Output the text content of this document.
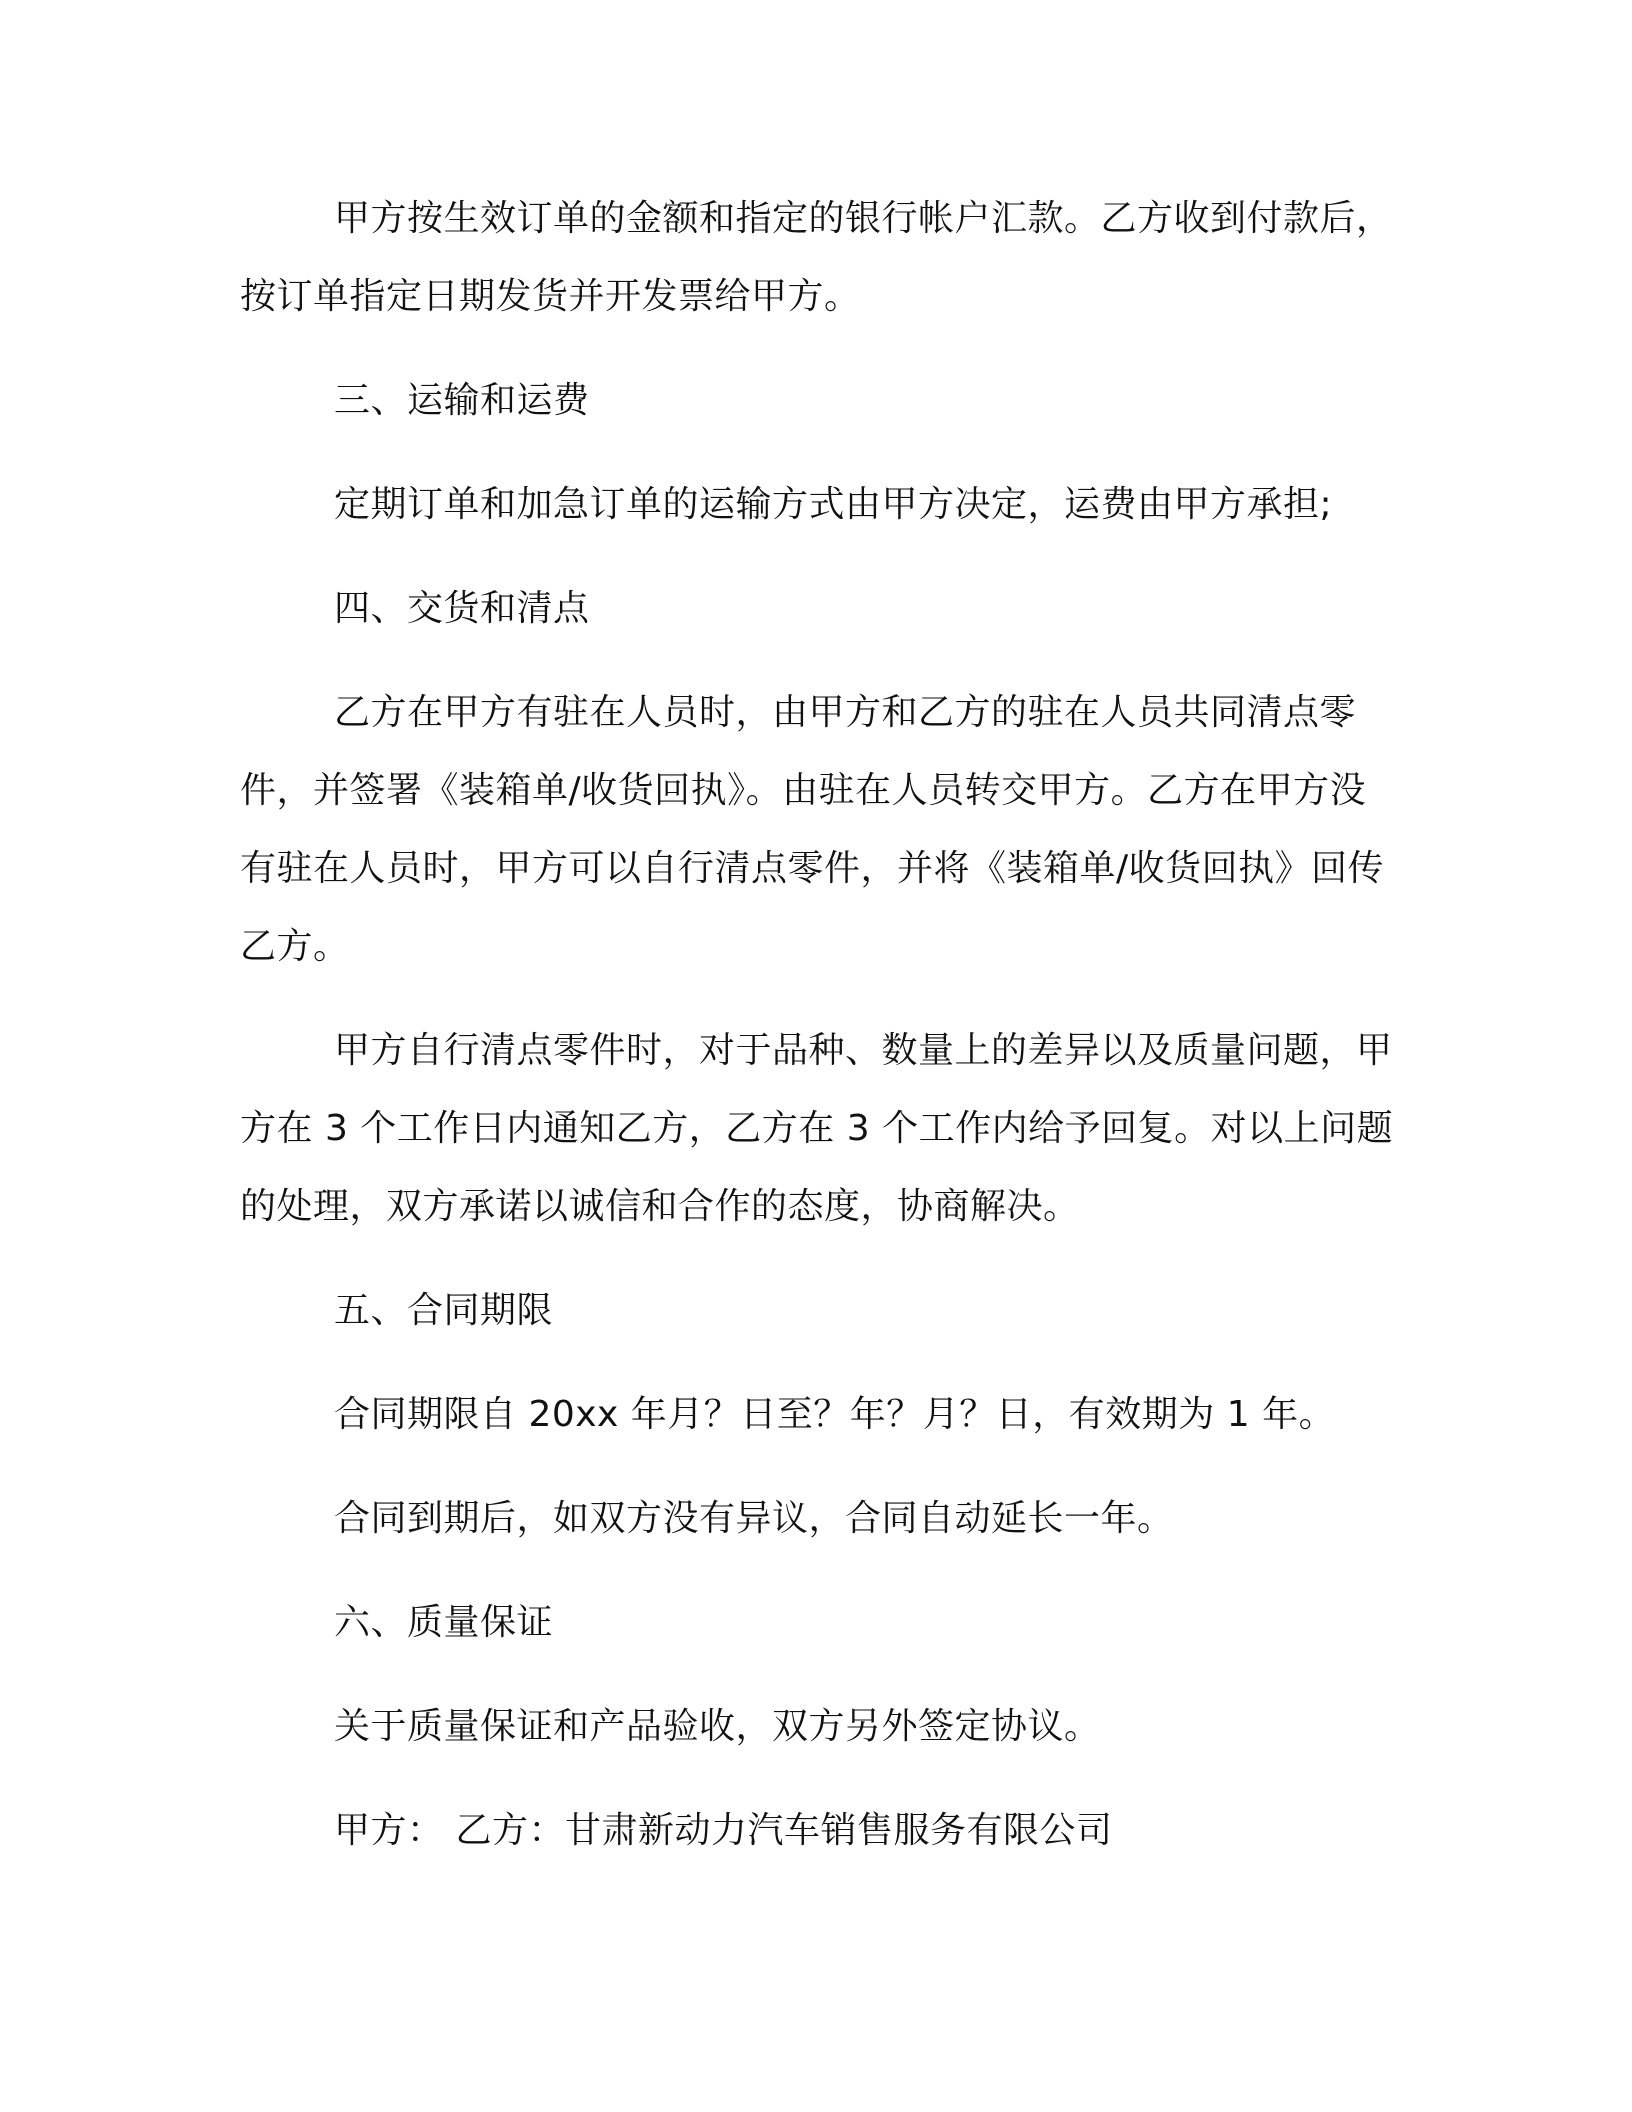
甲方按生效订单的金额和指定的银行帐户汇款。乙方收到付款后，按订单指定日期发货并开发票给甲方。

三、运输和运费

定期订单和加急订单的运输方式由甲方决定，运费由甲方承担;

四、交货和清点

乙方在甲方有驻在人员时，由甲方和乙方的驻在人员共同清点零件，并签署《装箱单/收货回执》。由驻在人员转交甲方。乙方在甲方没有驻在人员时，甲方可以自行清点零件，并将《装箱单/收货回执》回传乙方。

甲方自行清点零件时，对于品种、数量上的差异以及质量问题，甲方在 3 个工作日内通知乙方，乙方在 3 个工作内给予回复。对以上问题的处理，双方承诺以诚信和合作的态度，协商解决。

五、合同期限

合同期限自 20xx 年月？日至？年？月？日，有效期为 1 年。

合同到期后，如双方没有异议，合同自动延长一年。

六、质量保证

关于质量保证和产品验收，双方另外签定协议。

甲方： 乙方：甘肃新动力汽车销售服务有限公司
